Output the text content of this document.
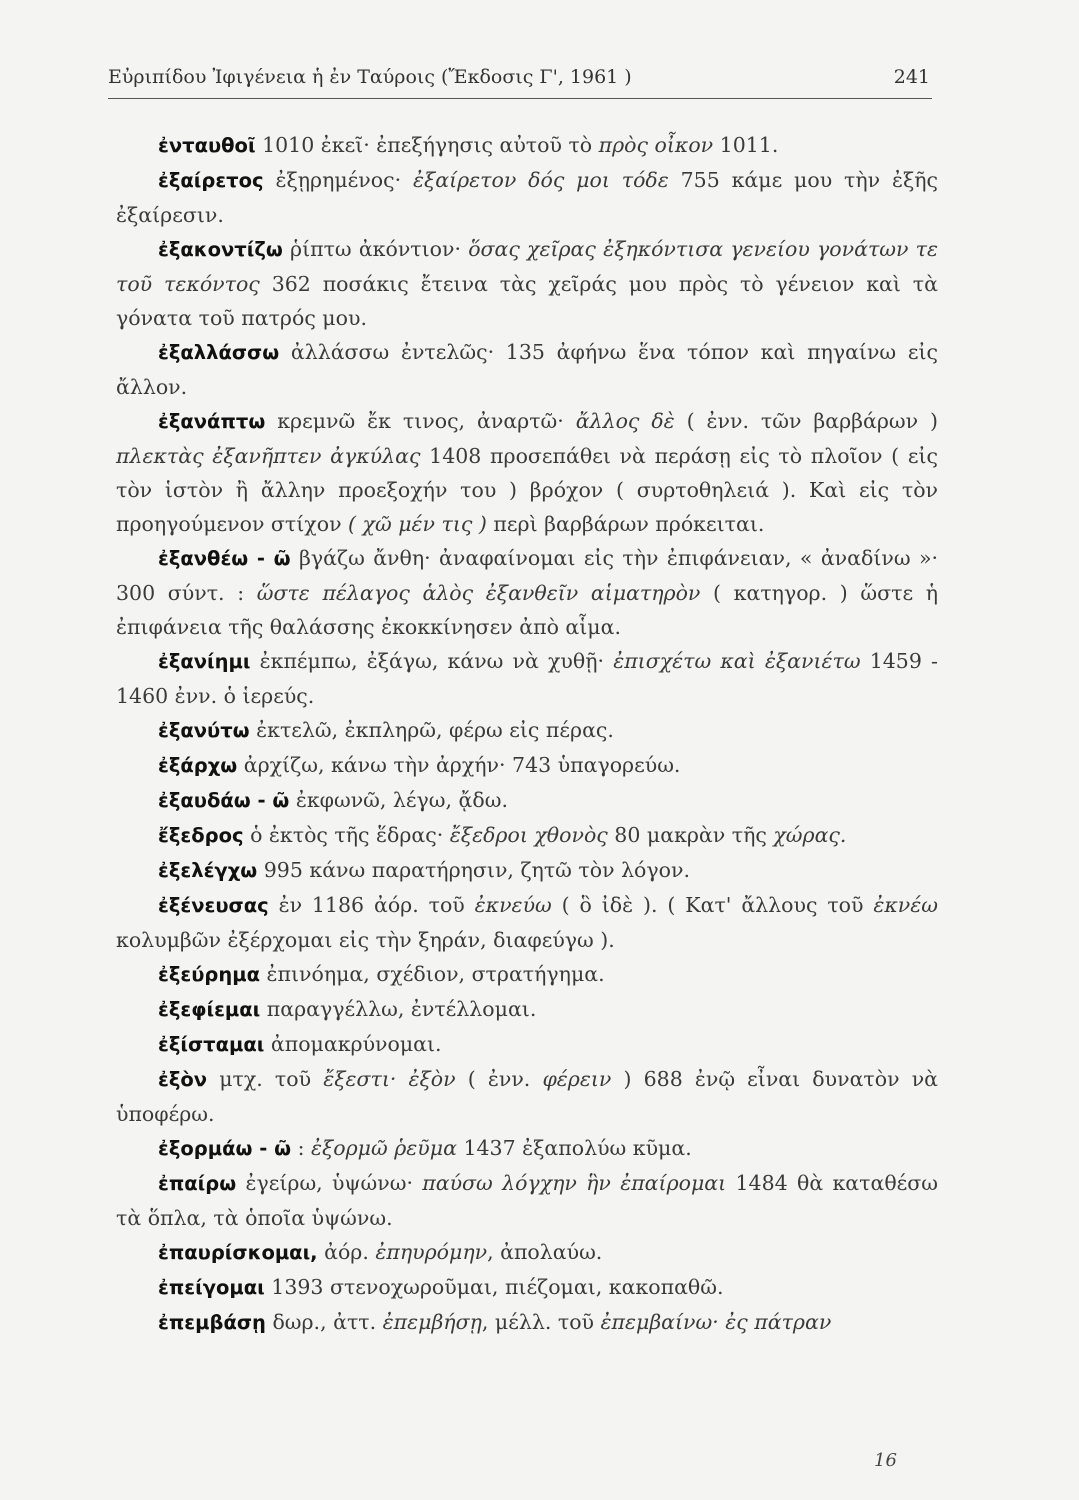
Εὐριπίδου Ἰφιγένεια ἡ ἐν Ταύροις (Ἔκδοσις Γ', 1961 )	241

ἐνταυθοῖ 1010 ἐκεῖ· ἐπεξήγησις αὐτοῦ τὸ πρὸς οἶκον 1011.

ἐξαίρετος ἐξῃρημένος· ἐξαίρετον δός μοι τόδε 755 κάμε μου τὴν ἐξῆς ἐξαίρεσιν.

ἐξακοντίζω ῥίπτω ἀκόντιον· ὅσας χεῖρας ἐξηκόντισα γενείου γονάτων τε τοῦ τεκόντος 362 ποσάκις ἔτεινα τὰς χεῖράς μου πρὸς τὸ γένειον καὶ τὰ γόνατα τοῦ πατρός μου.

ἐξαλλάσσω ἀλλάσσω ἐντελῶς· 135 ἀφήνω ἕνα τόπον καὶ πηγαίνω εἰς ἄλλον.

ἐξανάπτω κρεμνῶ ἔκ τινος, ἀναρτῶ· ἄλλος δὲ ( ἐνν. τῶν βαρβάρων ) πλεκτὰς ἐξανῆπτεν ἀγκύλας 1408 προσεπάθει νὰ περάσῃ εἰς τὸ πλοῖον ( εἰς τὸν ἱστὸν ἢ ἄλλην προεξοχήν του ) βρόχον ( συρτοθηλειά ). Καὶ εἰς τὸν προηγούμενον στίχον ( χῶ μέν τις ) περὶ βαρβάρων πρόκειται.

ἐξανθέω - ῶ βγάζω ἄνθη· ἀναφαίνομαι εἰς τὴν ἐπιφάνειαν, « ἀναδίνω »· 300 σύντ. : ὥστε πέλαγος ἁλὸς ἐξανθεῖν αἱματηρὸν ( κατηγορ. ) ὥστε ἡ ἐπιφάνεια τῆς θαλάσσης ἐκοκκίνησεν ἀπὸ αἷμα.

ἐξανίημι ἐκπέμπω, ἐξάγω, κάνω νὰ χυθῇ· ἐπισχέτω καὶ ἐξανιέτω 1459 - 1460 ἐνν. ὁ ἱερεύς.

ἐξανύτω ἐκτελῶ, ἐκπληρῶ, φέρω εἰς πέρας.

ἐξάρχω ἀρχίζω, κάνω τὴν ἀρχήν· 743 ὑπαγορεύω.

ἐξαυδάω - ῶ ἐκφωνῶ, λέγω, ᾄδω.

ἔξεδρος ὁ ἐκτὸς τῆς ἕδρας· ἔξεδροι χθονὸς 80 μακρὰν τῆς χώρας.

ἐξελέγχω 995 κάνω παρατήρησιν, ζητῶ τὸν λόγον.

ἐξένευσας ἐν 1186 ἀόρ. τοῦ ἐκνεύω ( ὃ ἰδὲ ). ( Κατ' ἄλλους τοῦ ἐκνέω κολυμβῶν ἐξέρχομαι εἰς τὴν ξηράν, διαφεύγω ).

ἐξεύρημα ἐπινόημα, σχέδιον, στρατήγημα.

ἐξεφίεμαι παραγγέλλω, ἐντέλλομαι.

ἐξίσταμαι ἀπομακρύνομαι.

ἐξὸν μτχ. τοῦ ἔξεστι· ἐξὸν ( ἐνν. φέρειν ) 688 ἐνῷ εἶναι δυνατὸν νὰ ὑποφέρω.

ἐξορμάω - ῶ : ἐξορμῶ ῥεῦμα 1437 ἐξαπολύω κῦμα.

ἐπαίρω ἐγείρω, ὑψώνω· παύσω λόγχην ἣν ἐπαίρομαι 1484 θὰ καταθέσω τὰ ὅπλα, τὰ ὁποῖα ὑψώνω.

ἐπαυρίσκομαι, ἀόρ. ἐπηυρόμην, ἀπολαύω.

ἐπείγομαι 1393 στενοχωροῦμαι, πιέζομαι, κακοπαθῶ.

ἐπεμβάσῃ δωρ., ἀττ. ἐπεμβήσῃ, μέλλ. τοῦ ἐπεμβαίνω· ἐς πάτραν

16
